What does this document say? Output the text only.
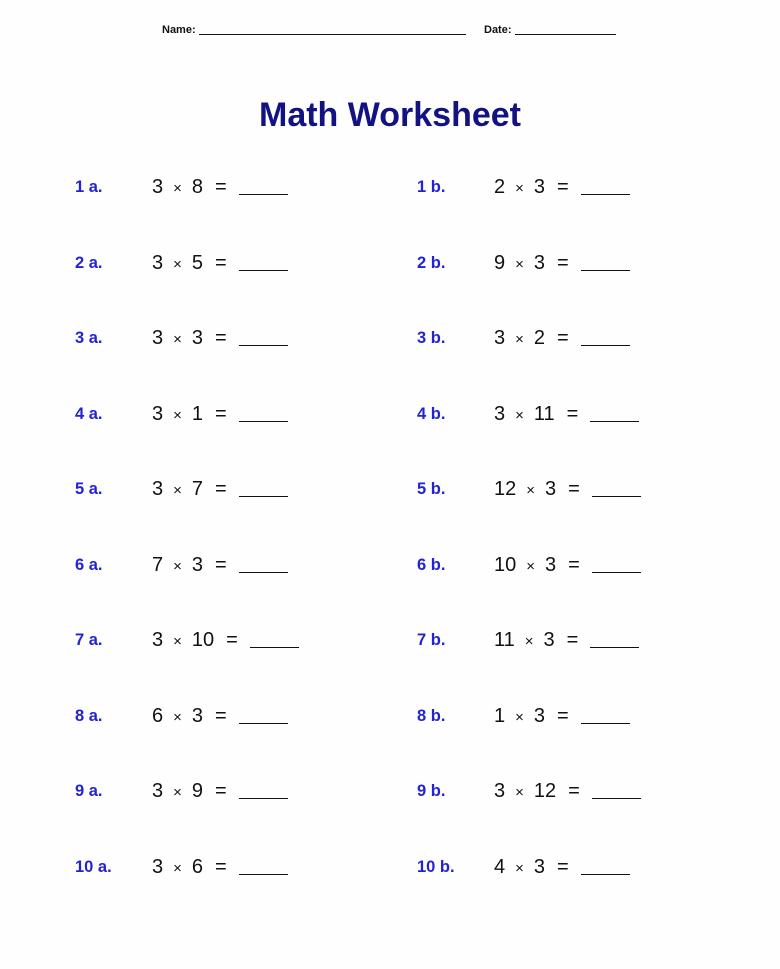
Name:	Date:
Math Worksheet
1 a. 3 × 8 =
2 a. 3 × 5 =
3 a. 3 × 3 =
4 a. 3 × 1 =
5 a. 3 × 7 =
6 a. 7 × 3 =
7 a. 3 × 10 =
8 a. 6 × 3 =
9 a. 3 × 9 =
10 a. 3 × 6 =
1 b. 2 × 3 =
2 b. 9 × 3 =
3 b. 3 × 2 =
4 b. 3 × 11 =
5 b. 12 × 3 =
6 b. 10 × 3 =
7 b. 11 × 3 =
8 b. 1 × 3 =
9 b. 3 × 12 =
10 b. 4 × 3 =
